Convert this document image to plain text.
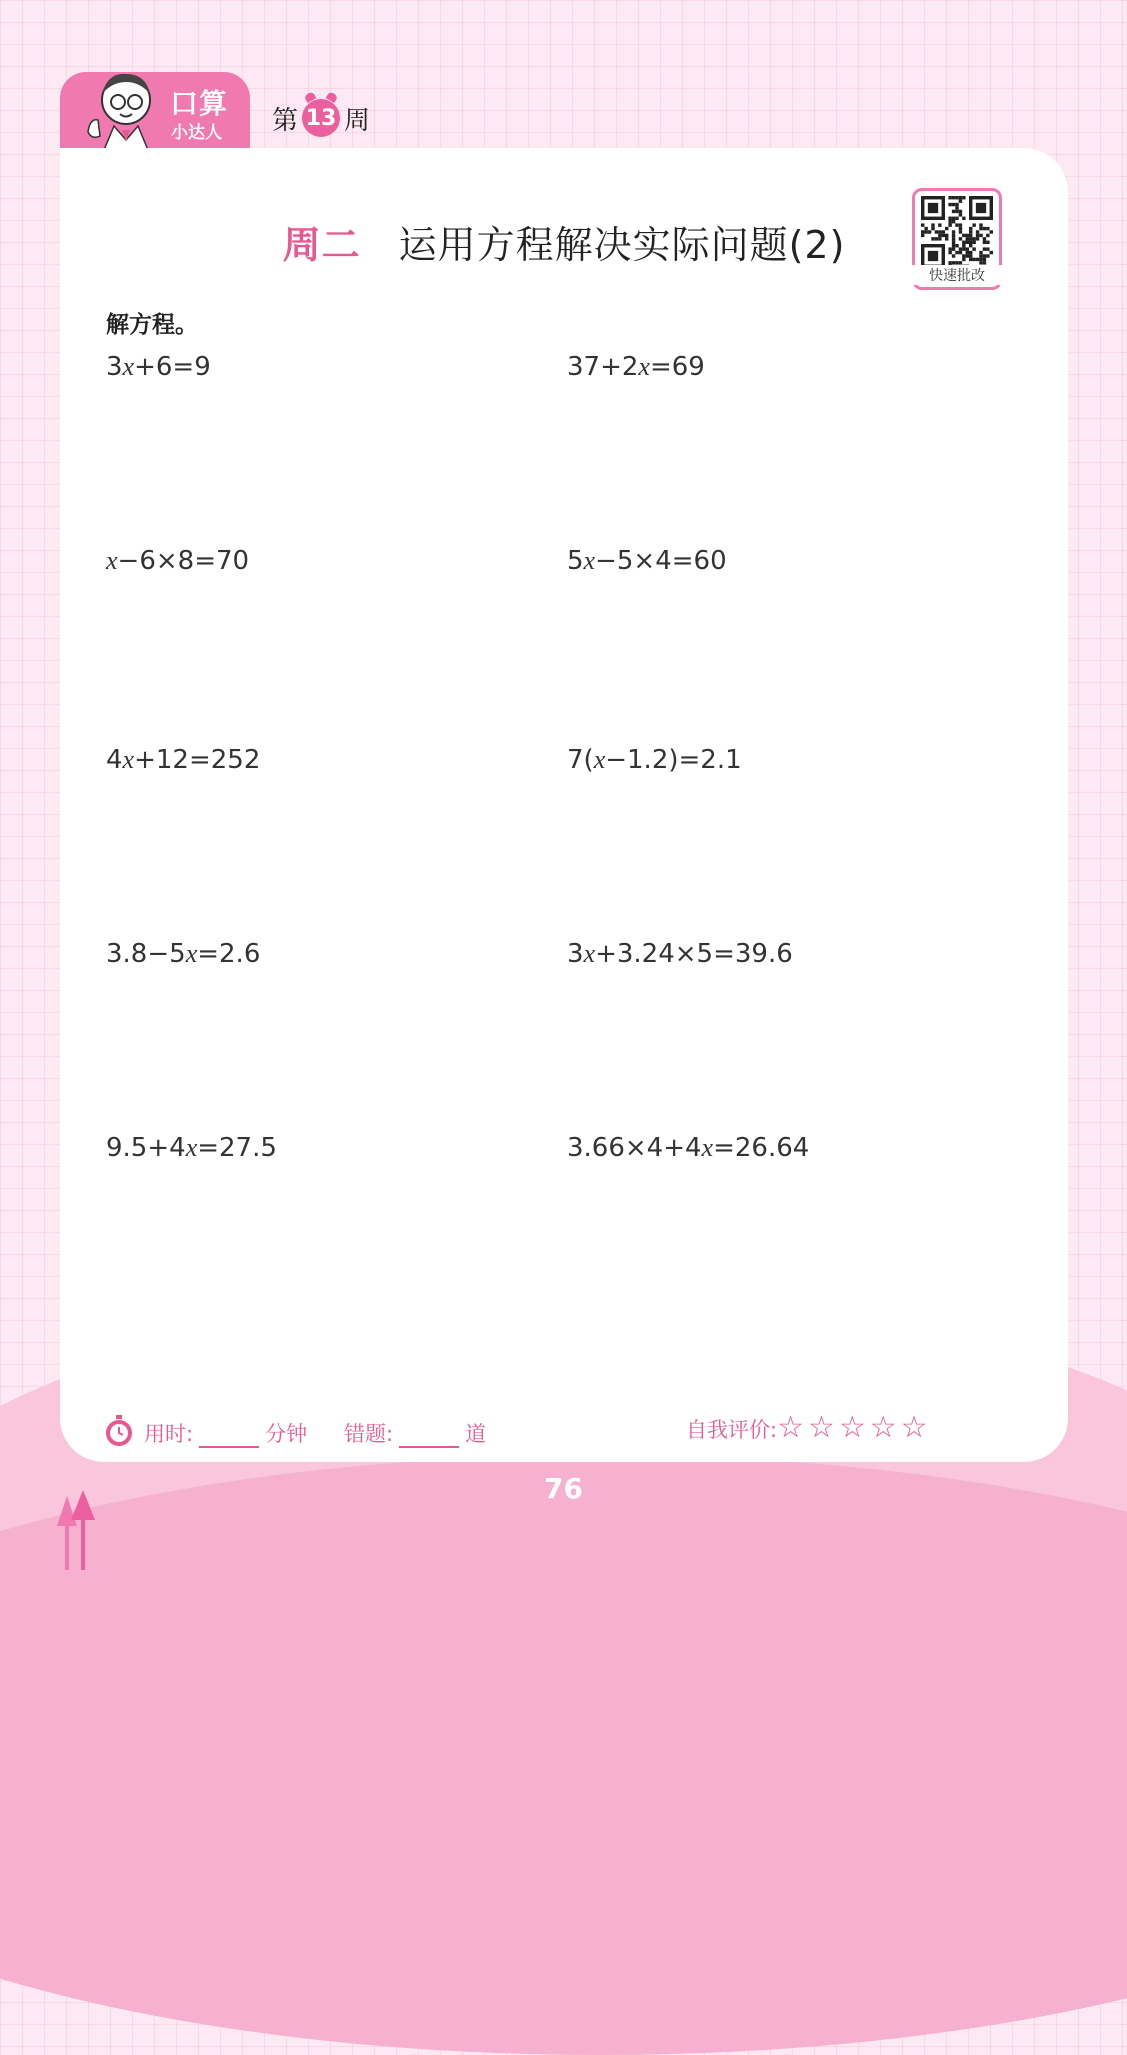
口算
小达人 第 13 周
周二 运用方程解决实际问题(2)
快速批改
解方程。
3x+6=9	37+2x=69
x−6×8=70	5x−5×4=60
4x+12=252	7(x−1.2)=2.1
3.8−5x=2.6	3x+3.24×5=39.6
9.5+4x=27.5	3.66×4+4x=26.64
用时:	分钟 错题:	道	自我评价:☆☆☆☆☆
76
